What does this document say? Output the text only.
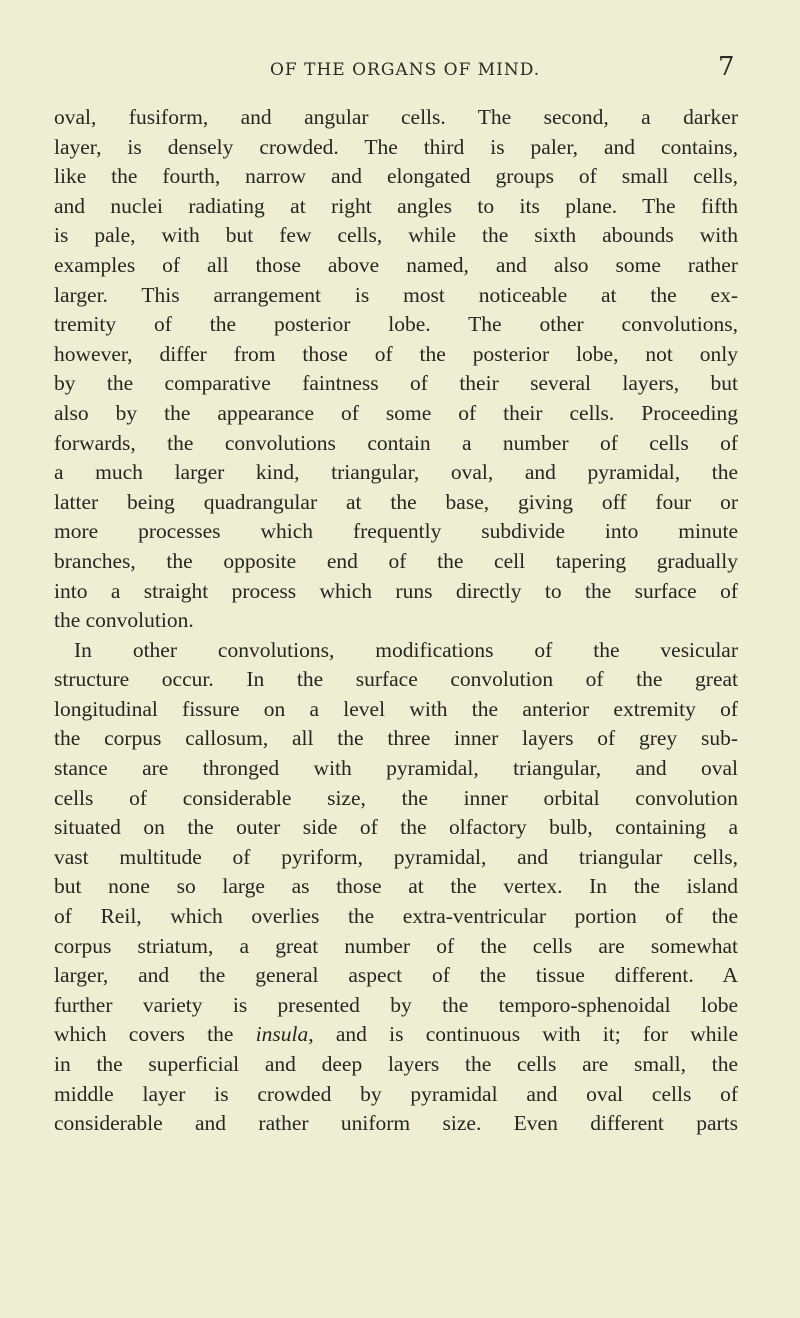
OF THE ORGANS OF MIND.	7
oval, fusiform, and angular cells. The second, a darker
layer, is densely crowded. The third is paler, and contains,
like the fourth, narrow and elongated groups of small cells,
and nuclei radiating at right angles to its plane. The fifth
is pale, with but few cells, while the sixth abounds with
examples of all those above named, and also some rather
larger. This arrangement is most noticeable at the ex-
tremity of the posterior lobe. The other convolutions,
however, differ from those of the posterior lobe, not only
by the comparative faintness of their several layers, but
also by the appearance of some of their cells. Proceeding
forwards, the convolutions contain a number of cells of
a much larger kind, triangular, oval, and pyramidal, the
latter being quadrangular at the base, giving off four or
more processes which frequently subdivide into minute
branches, the opposite end of the cell tapering gradually
into a straight process which runs directly to the surface of
the convolution.
In other convolutions, modifications of the vesicular
structure occur. In the surface convolution of the great
longitudinal fissure on a level with the anterior extremity of
the corpus callosum, all the three inner layers of grey sub-
stance are thronged with pyramidal, triangular, and oval
cells of considerable size, the inner orbital convolution
situated on the outer side of the olfactory bulb, containing a
vast multitude of pyriform, pyramidal, and triangular cells,
but none so large as those at the vertex. In the island
of Reil, which overlies the extra-ventricular portion of the
corpus striatum, a great number of the cells are somewhat
larger, and the general aspect of the tissue different. A
further variety is presented by the temporo-sphenoidal lobe
which covers the insula, and is continuous with it; for while
in the superficial and deep layers the cells are small, the
middle layer is crowded by pyramidal and oval cells of
considerable and rather uniform size. Even different parts
